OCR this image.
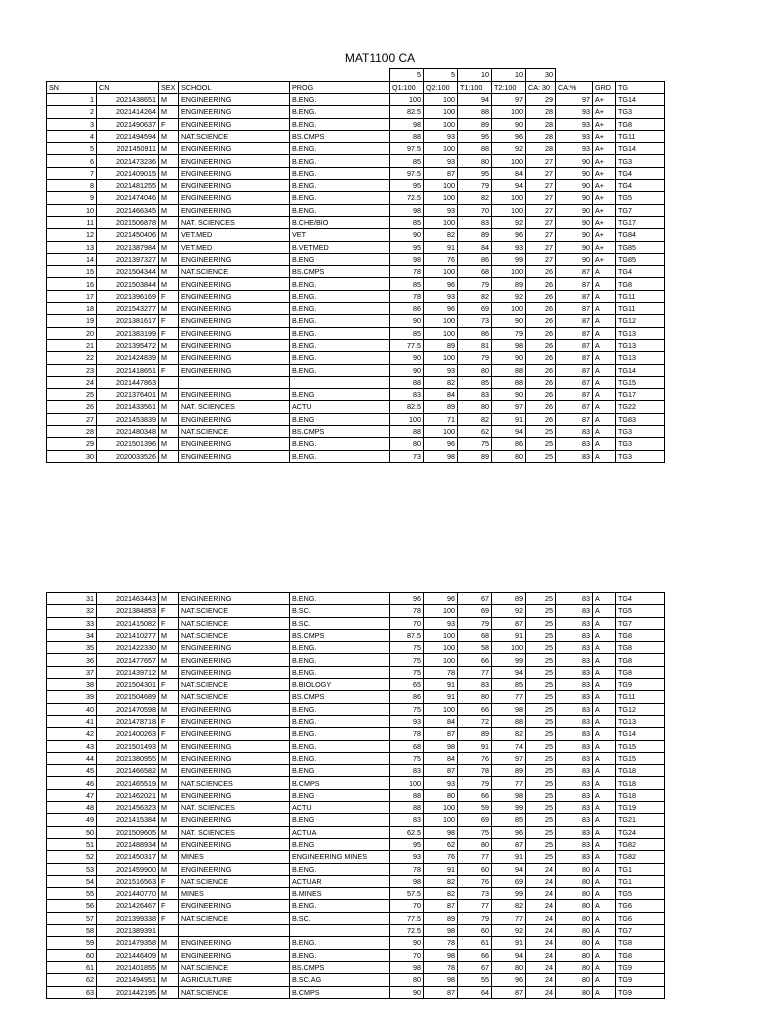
MAT1100 CA
					5	5	10	10	30			
SN	CN	SEX	SCHOOL	PROG	Q1:100	Q2:100	T1:100	T2:100	CA: 30	CA:%	GRD	TG
1	2021438651	M	ENGINEERING	B.ENG.	100	100	94	97	29	97	A+	TG14
2	2021414264	M	ENGINEERING	B.ENG.	82.5	100	88	100	28	93	A+	TG3
3	2021490637	F	ENGINEERING	B.ENG.	98	100	89	90	28	93	A+	TG8
4	2021494594	M	NAT.SCIENCE	BS.CMPS	88	93	95	96	28	93	A+	TG11
5	2021450911	M	ENGINEERING	B.ENG.	97.5	100	88	92	28	93	A+	TG14
6	2021473236	M	ENGINEERING	B.ENG.	85	93	80	100	27	90	A+	TG3
7	2021409015	M	ENGINEERING	B.ENG.	97.5	87	95	84	27	90	A+	TG4
8	2021481255	M	ENGINEERING	B.ENG.	95	100	79	94	27	90	A+	TG4
9	2021474046	M	ENGINEERING	B.ENG.	72.5	100	82	100	27	90	A+	TG5
10	2021466345	M	ENGINEERING	B.ENG.	98	93	70	100	27	90	A+	TG7
11	2021506878	M	NAT. SCIENCES	B.CHE/BIO	85	100	83	92	27	90	A+	TG17
12	2021450406	M	VET.MED	VET	90	82	89	96	27	90	A+	TG84
13	2021387984	M	VET.MED	B.VETMED	95	91	84	93	27	90	A+	TG85
14	2021397327	M	ENGINEERING	B.ENG	98	76	86	99	27	90	A+	TG85
15	2021504344	M	NAT.SCIENCE	BS.CMPS	78	100	68	100	26	87	A	TG4
16	2021503844	M	ENGINEERING	B.ENG.	85	96	79	89	26	87	A	TG8
17	2021396169	F	ENGINEERING	B.ENG.	78	93	82	92	26	87	A	TG11
18	2021543277	M	ENGINEERING	B.ENG.	86	96	69	100	26	87	A	TG11
19	2021381617	F	ENGINEERING	B.ENG.	90	100	73	90	26	87	A	TG12
20	2021383199	F	ENGINEERING	B.ENG.	85	100	86	79	26	87	A	TG13
21	2021395472	M	ENGINEERING	B.ENG.	77.5	89	81	98	26	87	A	TG13
22	2021424839	M	ENGINEERING	B.ENG.	90	100	79	90	26	87	A	TG13
23	2021418651	F	ENGINEERING	B.ENG.	90	93	80	88	26	87	A	TG14
24	2021447863				88	82	85	88	26	87	A	TG15
25	2021376401	M	ENGINEERING	B.ENG	83	84	83	90	26	87	A	TG17
26	2021433561	M	NAT. SCIENCES	ACTU	82.5	89	80	97	26	87	A	TG22
27	2021453839	M	ENGINEERING	B.ENG	100	71	82	91	26	87	A	TG83
28	2021480348	M	NAT.SCIENCE	BS.CMPS	88	100	62	94	25	83	A	TG3
29	2021501396	M	ENGINEERING	B.ENG.	80	96	75	86	25	83	A	TG3
30	2020033526	M	ENGINEERING	B.ENG.	73	98	89	80	25	83	A	TG3
31	2021463443	M	ENGINEERING	B.ENG.	96	96	67	89	25	83	A	TG4
32	2021384853	F	NAT.SCIENCE	B.SC.	78	100	69	92	25	83	A	TG5
33	2021415082	F	NAT.SCIENCE	B.SC.	70	93	79	87	25	83	A	TG7
34	2021410277	M	NAT.SCIENCE	BS.CMPS	87.5	100	68	91	25	83	A	TG8
35	2021422330	M	ENGINEERING	B.ENG.	75	100	58	100	25	83	A	TG8
36	2021477657	M	ENGINEERING	B.ENG.	75	100	66	99	25	83	A	TG8
37	2021439712	M	ENGINEERING	B.ENG.	75	78	77	94	25	83	A	TG8
38	2021504301	F	NAT.SCIENCE	B.BIOLOGY	65	91	83	85	25	83	A	TG9
39	2021504689	M	NAT.SCIENCE	BS.CMPS	86	91	80	77	25	83	A	TG11
40	2021470598	M	ENGINEERING	B.ENG.	75	100	66	98	25	83	A	TG12
41	2021478718	F	ENGINEERING	B.ENG.	93	84	72	88	25	83	A	TG13
42	2021400263	F	ENGINEERING	B.ENG.	78	87	89	82	25	83	A	TG14
43	2021501493	M	ENGINEERING	B.ENG.	68	98	91	74	25	83	A	TG15
44	2021380955	M	ENGINEERING	B.ENG.	75	84	76	97	25	83	A	TG15
45	2021466582	M	ENGINEERING	B.ENG	83	87	78	89	25	83	A	TG18
46	2021465519	M	NAT.SCIENCES	B.CMPS	100	93	79	77	25	83	A	TG18
47	2021462021	M	ENGINEERING	B.ENG	88	80	66	98	25	83	A	TG18
48	2021456323	M	NAT. SCIENCES	ACTU	88	100	59	99	25	83	A	TG19
49	2021415384	M	ENGINEERING	B.ENG	83	100	69	85	25	83	A	TG21
50	2021509605	M	NAT. SCIENCES	ACTUA	62.5	98	75	96	25	83	A	TG24
51	2021488934	M	ENGINEERING	B.ENG	95	62	80	87	25	83	A	TG82
52	2021450317	M	MINES	ENGINEERING MINES	93	76	77	91	25	83	A	TG82
53	2021459900	M	ENGINEERING	B.ENG.	78	91	60	94	24	80	A	TG1
54	2021516563	F	NAT.SCIENCE	ACTUAR	98	82	76	69	24	80	A	TG1
55	2021440770	M	MINES	B.MINES	57.5	82	73	99	24	80	A	TG5
56	2021426467	F	ENGINEERING	B.ENG.	70	87	77	82	24	80	A	TG6
57	2021399338	F	NAT.SCIENCE	B.SC.	77.5	89	79	77	24	80	A	TG6
58	2021389391				72.5	98	60	92	24	80	A	TG7
59	2021479358	M	ENGINEERING	B.ENG.	90	78	61	91	24	80	A	TG8
60	2021446409	M	ENGINEERING	B.ENG.	70	98	66	94	24	80	A	TG8
61	2021401855	M	NAT.SCIENCE	BS.CMPS	98	78	67	80	24	80	A	TG9
62	2021494951	M	AGRICULTURE	B.SC.AG	80	98	55	96	24	80	A	TG9
63	2021442195	M	NAT.SCIENCE	B.CMPS	90	87	64	87	24	80	A	TG9
